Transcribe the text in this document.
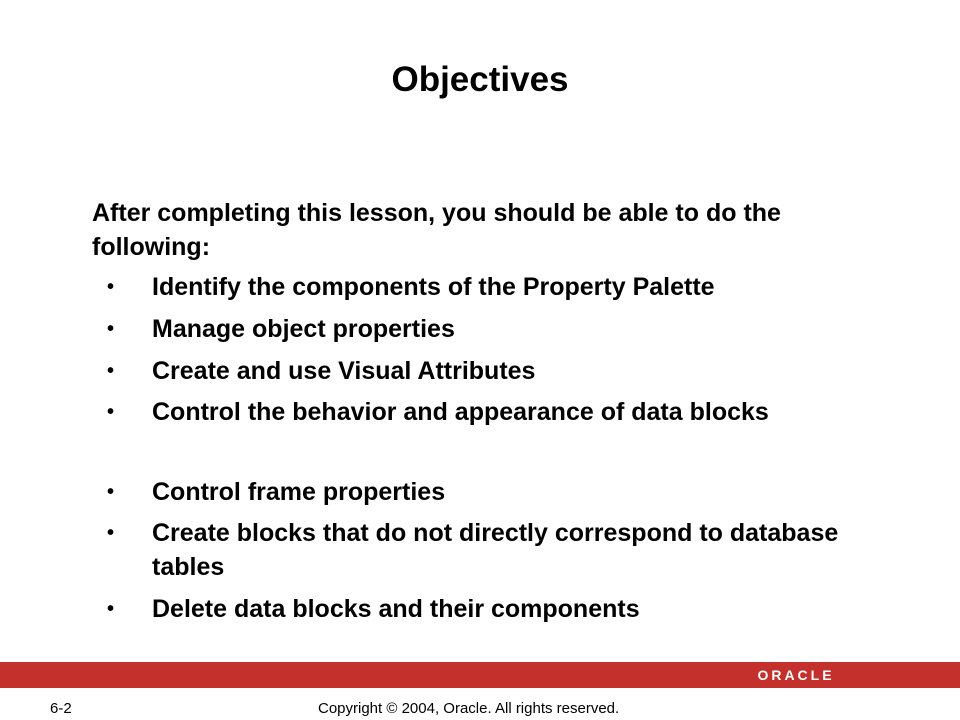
Objectives
After completing this lesson, you should be able to do the following:
• Identify the components of the Property Palette
• Manage object properties
• Create and use Visual Attributes
• Control the behavior and appearance of data blocks
• Control frame properties
• Create blocks that do not directly correspond to database tables
• Delete data blocks and their components
ORACLE
6-2	Copyright © 2004, Oracle. All rights reserved.
